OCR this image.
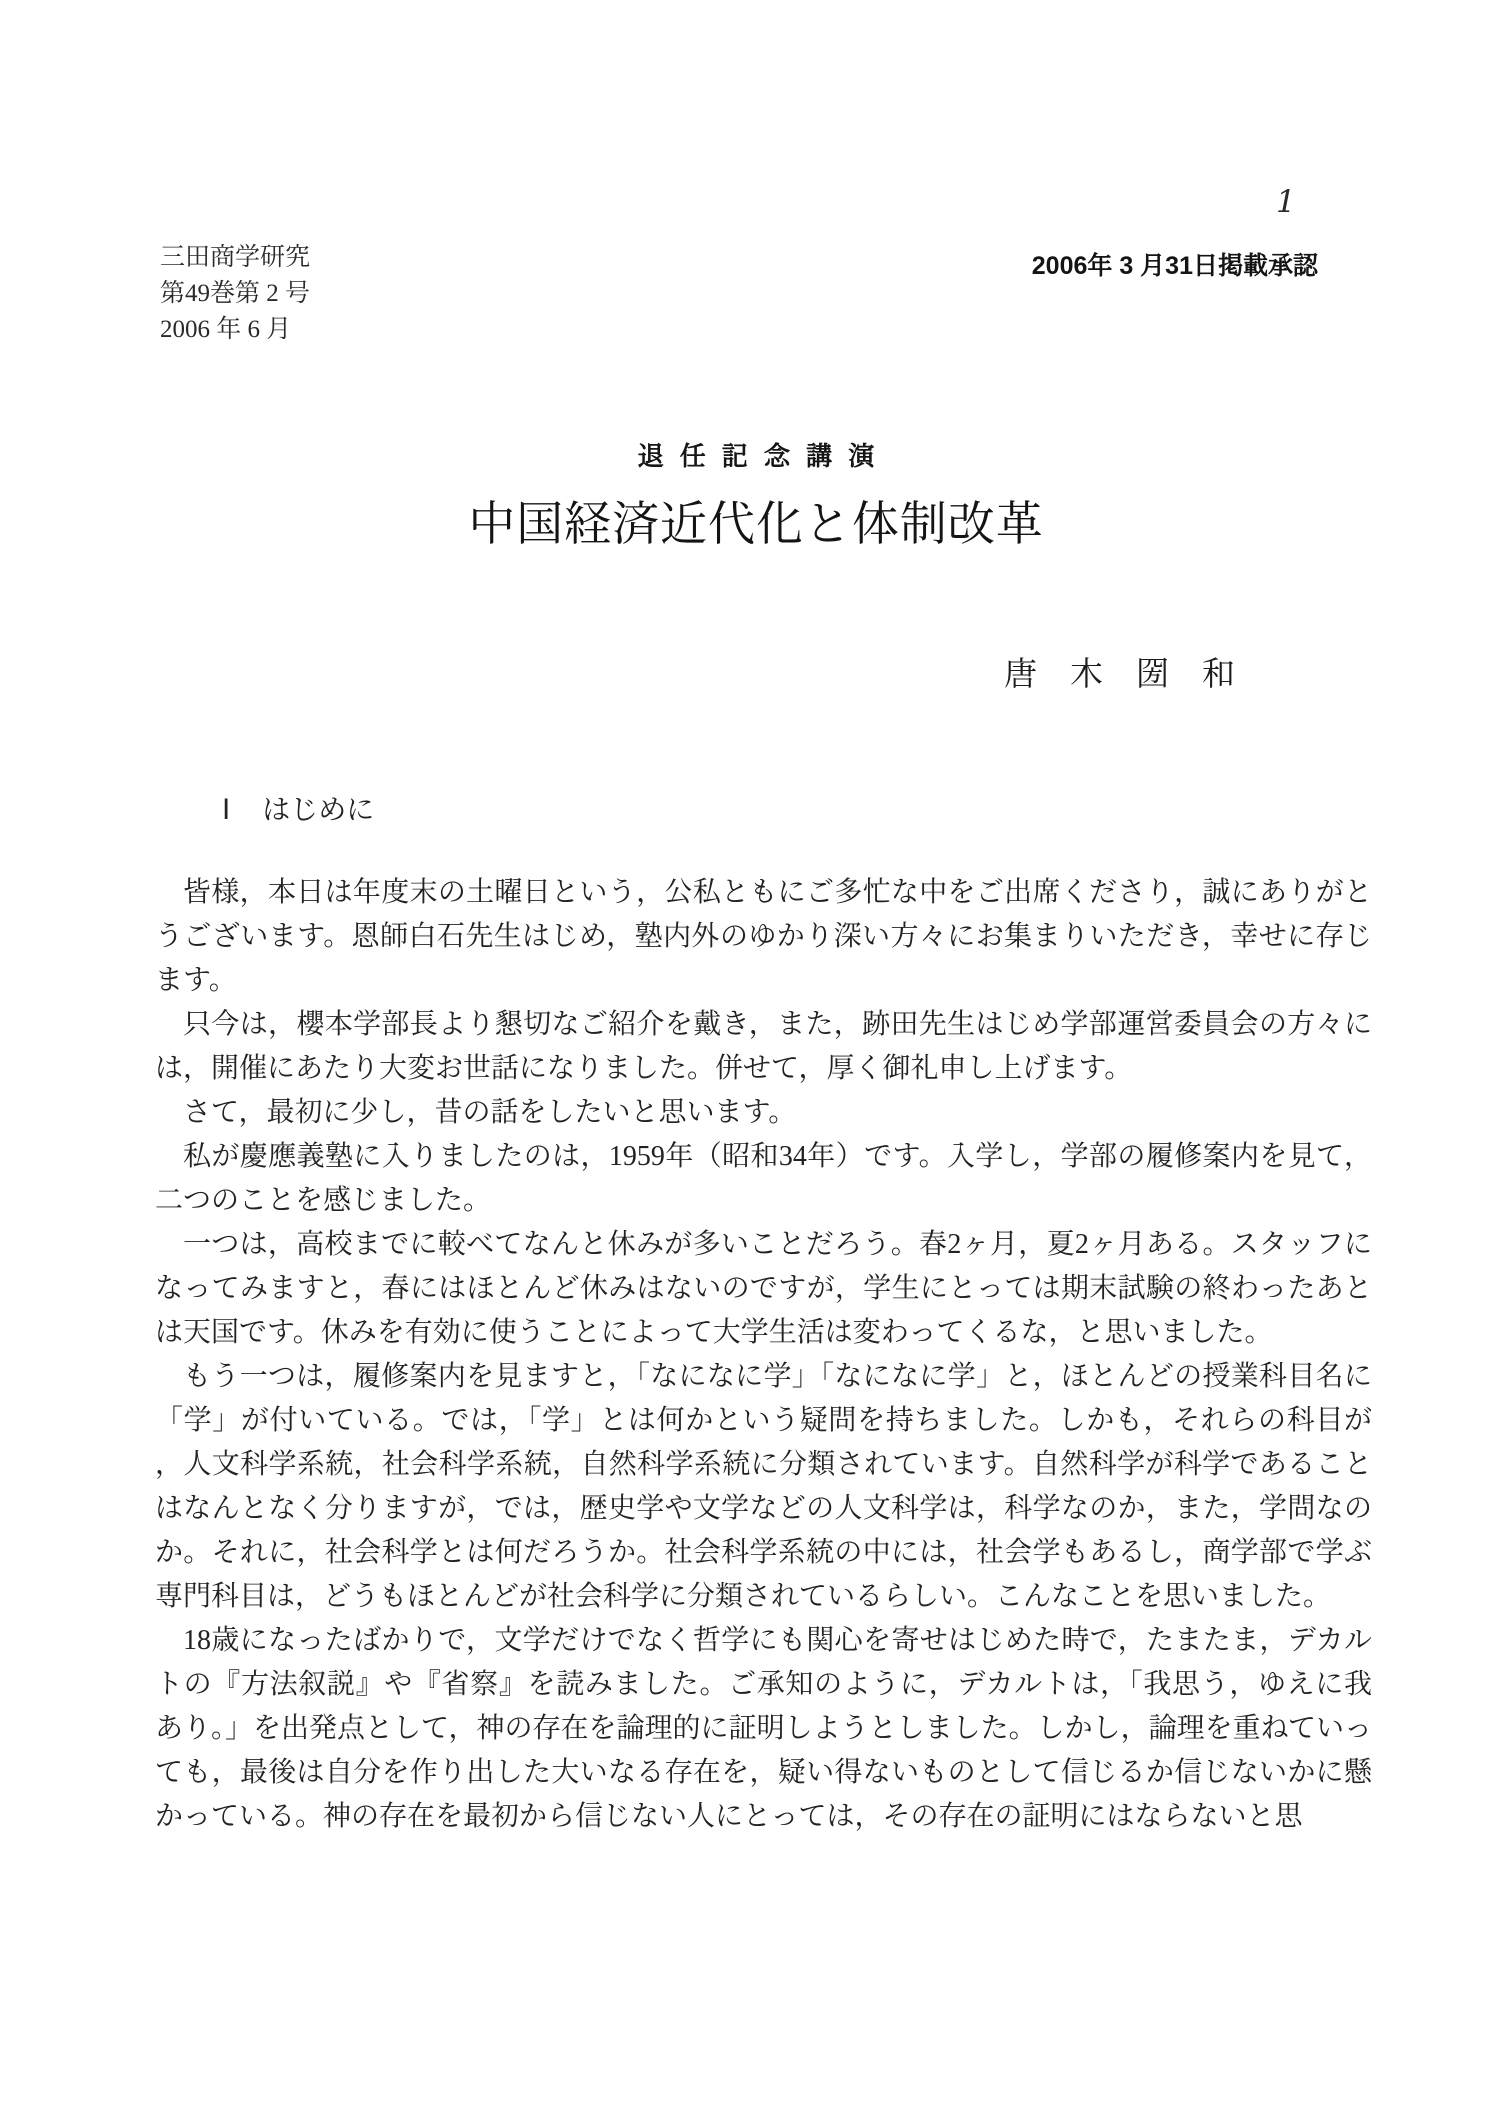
1
三田商学研究
第49巻第 2 号
2006 年 6 月
2006年 3 月31日掲載承認
退任記念講演
中国経済近代化と体制改革
唐　木　圀　和
Ⅰ はじめに

皆様，本日は年度末の土曜日という，公私ともにご多忙な中をご出席くださり，誠にありがとうございます。恩師白石先生はじめ，塾内外のゆかり深い方々にお集まりいただき，幸せに存じます。

只今は，櫻本学部長より懇切なご紹介を戴き，また，跡田先生はじめ学部運営委員会の方々には，開催にあたり大変お世話になりました。併せて，厚く御礼申し上げます。

さて，最初に少し，昔の話をしたいと思います。

私が慶應義塾に入りましたのは，1959年（昭和34年）です。入学し，学部の履修案内を見て，二つのことを感じました。

一つは，高校までに較べてなんと休みが多いことだろう。春2ヶ月，夏2ヶ月ある。スタッフになってみますと，春にはほとんど休みはないのですが，学生にとっては期末試験の終わったあとは天国です。休みを有効に使うことによって大学生活は変わってくるな，と思いました。

もう一つは，履修案内を見ますと，「なになに学」「なになに学」と，ほとんどの授業科目名に「学」が付いている。では，「学」とは何かという疑問を持ちました。しかも，それらの科目が，人文科学系統，社会科学系統，自然科学系統に分類されています。自然科学が科学であることはなんとなく分りますが，では，歴史学や文学などの人文科学は，科学なのか，また，学問なのか。それに，社会科学とは何だろうか。社会科学系統の中には，社会学もあるし，商学部で学ぶ専門科目は，どうもほとんどが社会科学に分類されているらしい。こんなことを思いました。

18歳になったばかりで，文学だけでなく哲学にも関心を寄せはじめた時で，たまたま，デカルトの『方法叙説』や『省察』を読みました。ご承知のように，デカルトは，「我思う，ゆえに我あり。」を出発点として，神の存在を論理的に証明しようとしました。しかし，論理を重ねていっても，最後は自分を作り出した大いなる存在を，疑い得ないものとして信じるか信じないかに懸かっている。神の存在を最初から信じない人にとっては，その存在の証明にはならないと思
